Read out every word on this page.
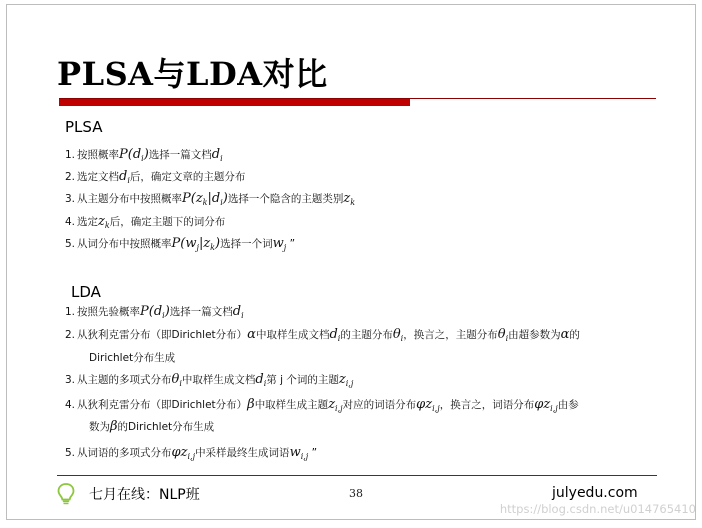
PLSA与LDA对比
PLSA
1. 按照概率$P(d_i)$选择一篇文档$d_i$
2. 选定文档$d_i$后，确定文章的主题分布
3. 从主题分布中按照概率$P(z_k|d_i)$选择一个隐含的主题类别$z_k$
4. 选定$z_k$后，确定主题下的词分布
5. 从词分布中按照概率$P(w_j|z_k)$选择一个词$w_j$ ”
LDA
1. 按照先验概率$P(d_i)$选择一篇文档$d_i$
2. 从狄利克雷分布（即Dirichlet分布）α中取样生成文档$d_i$的主题分布$\theta_i$，换言之，主题分布$\theta_i$由超参数为α的
Dirichlet分布生成
3. 从主题的多项式分布$\theta_i$中取样生成文档$d_i$第 j 个词的主题$z_{i,j}$
4. 从狄利克雷分布（即Dirichlet分布）β中取样生成主题$z_{i,j}$对应的词语分布$\varphi z_{i,j}$，换言之，词语分布$\varphi z_{i,j}$由参
数为β的Dirichlet分布生成
5. 从词语的多项式分布$\varphi z_{i,j}$中采样最终生成词语$w_{i,j}$ ”
七月在线：NLP班	38	julyedu.com
https://blog.csdn.net/u014765410
